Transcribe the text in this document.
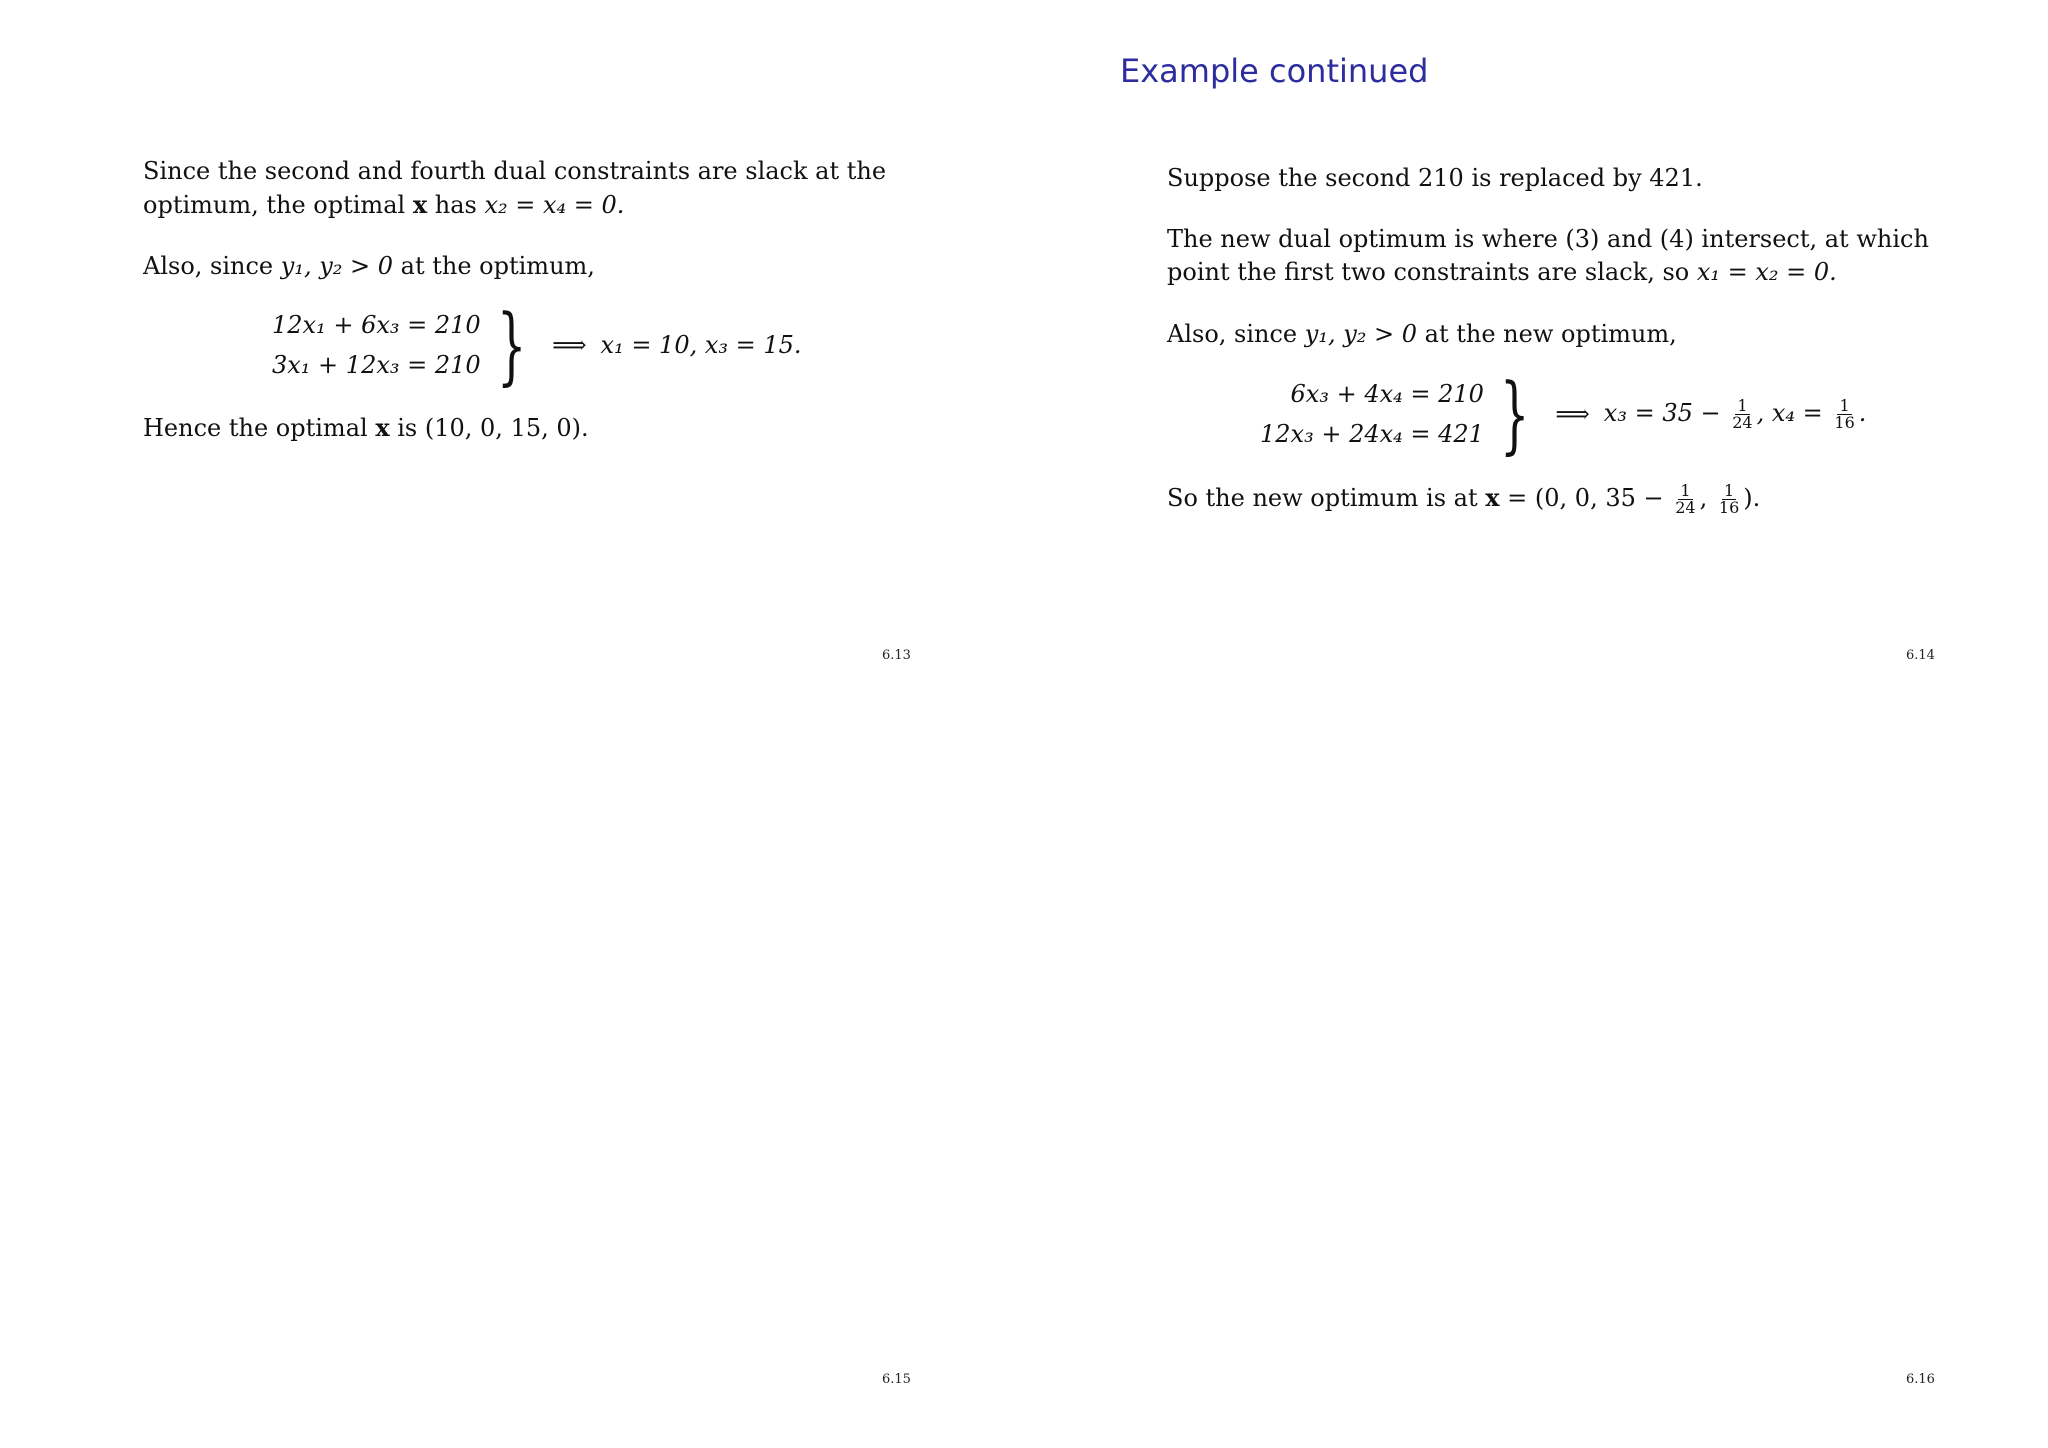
Since the second and fourth dual constraints are slack at the
optimum, the optimal x has x₂ = x₄ = 0.
Also, since y₁, y₂ > 0 at the optimum,
12x₁ + 6x₃ = 210
3x₁ + 12x₃ = 210 } ⟹ x₁ = 10, x₃ = 15.
Hence the optimal x is (10, 0, 15, 0).
6.13
Example continued
Suppose the second 210 is replaced by 421.
The new dual optimum is where (3) and (4) intersect, at which
point the first two constraints are slack, so x₁ = x₂ = 0.
Also, since y₁, y₂ > 0 at the new optimum,
6x₃ + 4x₄ = 210
12x₃ + 24x₄ = 421 } ⟹ $x_3 = 35 - \frac{1}{24}$ , $x_4 = \frac{1}{16}$ .
So the new optimum is at x = (0, 0, $35 - \frac{1}{24}$ , $\frac{1}{16}$ ).
6.14
6.15	6.16
